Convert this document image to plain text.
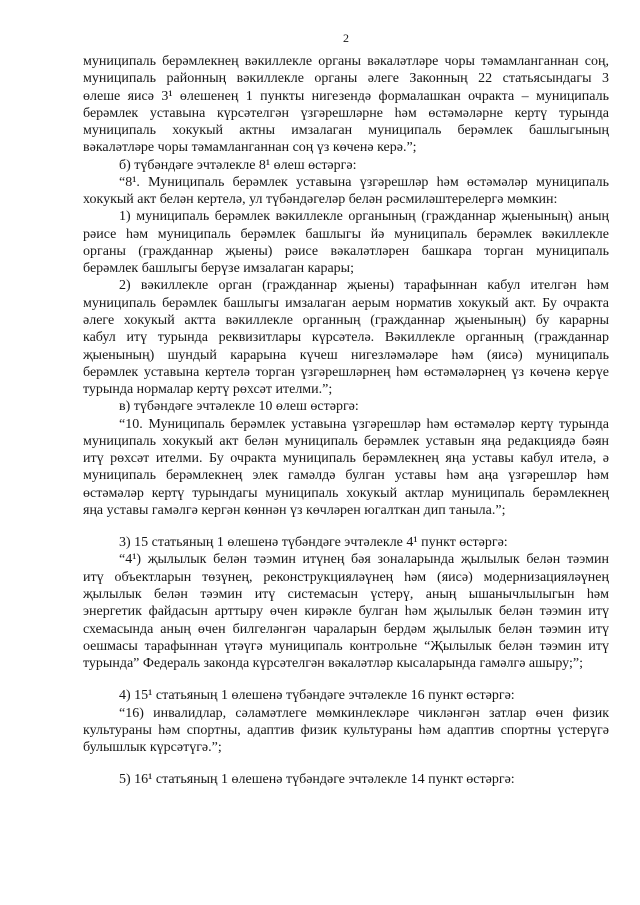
2
муниципаль берәмлекнең вәкиллекле органы вәкаләтләре чоры тәмамланганнан соң,
муниципаль районның вәкиллекле органы әлеге Законның 22 статьясындагы 3
өлеше яисә 3¹ өлешенең 1 пункты нигезендә формалашкан очракта – муниципаль
берәмлек уставына күрсәтелгән үзгәрешләрне һәм өстәмәләрне кертү турында
муниципаль хокукый актны имзалаган муниципаль берәмлек башлыгының
вәкаләтләре чоры тәмамланганнан соң үз көченә керә.”;
б) түбәндәге эчтәлекле 8¹ өлеш өстәргә:
“8¹. Муниципаль берәмлек уставына үзгәрешләр һәм өстәмәләр муниципаль
хокукый акт белән кертелә, ул түбәндәгеләр белән рәсмиләштерелергә мөмкин:
1) муниципаль берәмлек вәкиллекле органының (гражданнар җыенының) аның
рәисе һәм муниципаль берәмлек башлыгы йә муниципаль берәмлек вәкиллекле
органы (гражданнар җыены) рәисе вәкаләтләрен башкара торган муниципаль
берәмлек башлыгы берүзе имзалаган карары;
2) вәкиллекле орган (гражданнар җыены) тарафыннан кабул ителгән һәм
муниципаль берәмлек башлыгы имзалаган аерым норматив хокукый акт. Бу очракта
әлеге хокукый актта вәкиллекле органның (гражданнар җыенының) бу карарны
кабул итү турында реквизитлары күрсәтелә. Вәкиллекле органның (гражданнар
җыенының) шундый карарына күчеш нигезләмәләре һәм (яисә) муниципаль
берәмлек уставына кертелә торган үзгәрешләрнең һәм өстәмәләрнең үз көченә керүе
турында нормалар кертү рөхсәт ителми.”;
в) түбәндәге эчтәлекле 10 өлеш өстәргә:
“10. Муниципаль берәмлек уставына үзгәрешләр һәм өстәмәләр кертү турында
муниципаль хокукый акт белән муниципаль берәмлек уставын яңа редакциядә бәян
итү рөхсәт ителми. Бу очракта муниципаль берәмлекнең яңа уставы кабул ителә, ә
муниципаль берәмлекнең элек гамәлдә булган уставы һәм аңа үзгәрешләр һәм
өстәмәләр кертү турындагы муниципаль хокукый актлар муниципаль берәмлекнең
яңа уставы гамәлгә кергән көннән үз көчләрен югалткан дип таныла.”;
3) 15 статьяның 1 өлешенә түбәндәге эчтәлекле 4¹ пункт өстәргә:
“4¹) җылылык белән тәэмин итүнең бәя зоналарында җылылык белән тәэмин
итү объектларын төзүнең, реконструкцияләүнең һәм (яисә) модернизацияләүнең
җылылык белән тәэмин итү системасын үстерү, аның ышанычлылыгын һәм
энергетик файдасын арттыру өчен кирәкле булган һәм җылылык белән тәэмин итү
схемасында аның өчен билгеләнгән чараларын бердәм җылылык белән тәэмин итү
оешмасы тарафыннан үтәүгә муниципаль контрольне “Җылылык белән тәэмин итү
турында” Федераль законда күрсәтелгән вәкаләтләр кысаларында гамәлгә ашыру;”;
4) 15¹ статьяның 1 өлешенә түбәндәге эчтәлекле 16 пункт өстәргә:
“16) инвалидлар, сәламәтлеге мөмкинлекләре чикләнгән затлар өчен физик
культураны һәм спортны, адаптив физик культураны һәм адаптив спортны үстерүгә
булышлык күрсәтүгә.”;
5) 16¹ статьяның 1 өлешенә түбәндәге эчтәлекле 14 пункт өстәргә:
